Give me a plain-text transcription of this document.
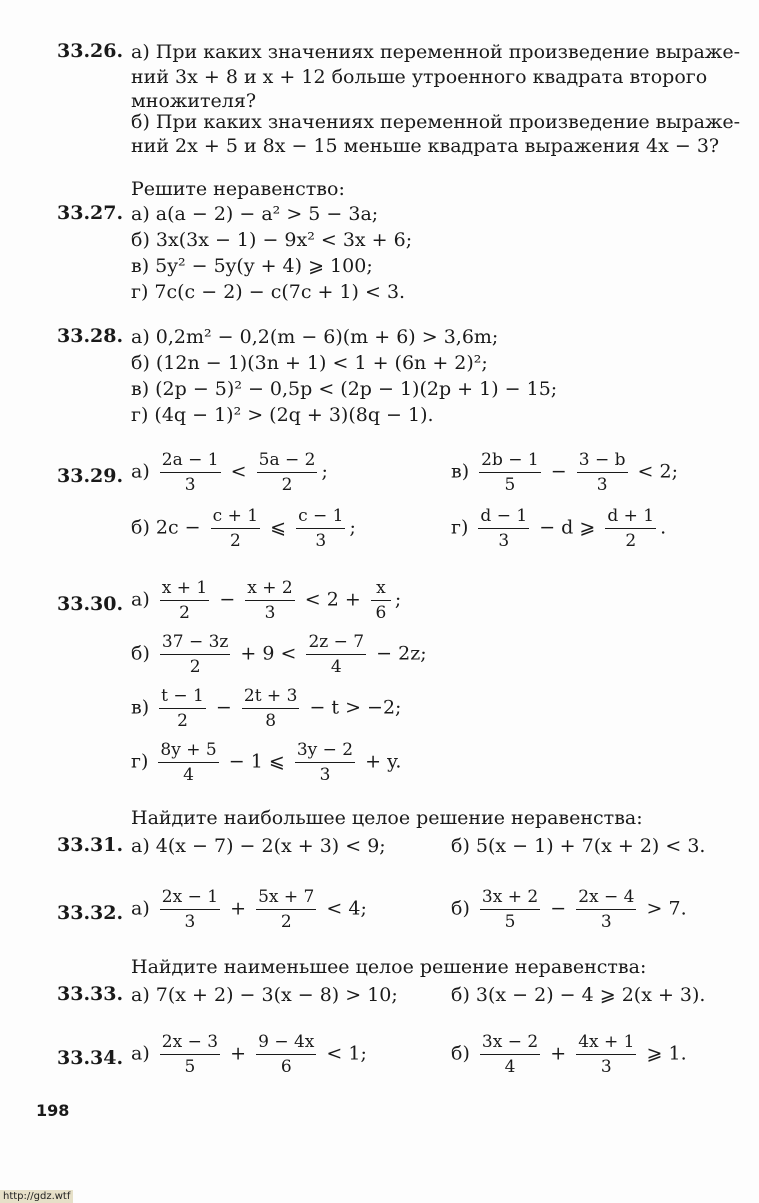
33.26. а) При каких значениях переменной произведение выраже-
ний 3x + 8 и x + 12 больше утроенного квадрата второго
множителя?
б) При каких значениях переменной произведение выраже-
ний 2x + 5 и 8x − 15 меньше квадрата выражения 4x − 3?
Решите неравенство:
33.27. а) a(a − 2) − a² > 5 − 3a;
б) 3x(3x − 1) − 9x² < 3x + 6;
в) 5y² − 5y(y + 4) ⩾ 100;
г) 7c(c − 2) − c(7c + 1) < 3.
33.28. а) 0,2m² − 0,2(m − 6)(m + 6) > 3,6m;
б) (12n − 1)(3n + 1) < 1 + (6n + 2)²;
в) (2p − 5)² − 0,5p < (2p − 1)(2p + 1) − 15;
г) (4q − 1)² > (2q + 3)(8q − 1).
33.29. $а) \frac{2a - 1}{3} < \frac{5a - 2}{2}$ ;	$в) \frac{2b - 1}{5} - \frac{3 - b}{3} < 2$;
б) $2c - \frac{c + 1}{2}$ ⩽ $\frac{c - 1}{3}$ ;	$г) \frac{d - 1}{3} - d$ ⩾ $\frac{d + 1}{2}$ .
33.30. $а) \frac{x + 1}{2} - \frac{x + 2}{3} < 2 + \frac{x}{6}$ ;
$б) \frac{37 - 3z}{2} + 9 < \frac{2z - 7}{4} - 2z$;
$в) \frac{t - 1}{2} - \frac{2t + 3}{8} - t > -2$;
$г) \frac{8y + 5}{4} - 1$ ⩽ $\frac{3y - 2}{3} + y$.
Найдите наибольшее целое решение неравенства:
33.31. а) 4(x − 7) − 2(x + 3) < 9;	б) 5(x − 1) + 7(x + 2) < 3.
33.32. $а) \frac{2x - 1}{3} + \frac{5x + 7}{2} < 4$;	$б) \frac{3x + 2}{5} - \frac{2x - 4}{3} > 7$.
Найдите наименьшее целое решение неравенства:
33.33. а) 7(x + 2) − 3(x − 8) > 10;	б) 3(x − 2) − 4 ⩾ 2(x + 3).
33.34. $а) \frac{2x - 3}{5} + \frac{9 - 4x}{6} < 1$;	$б) \frac{3x - 2}{4} + \frac{4x + 1}{3}$ ⩾ 1.
198
http://gdz.wtf
